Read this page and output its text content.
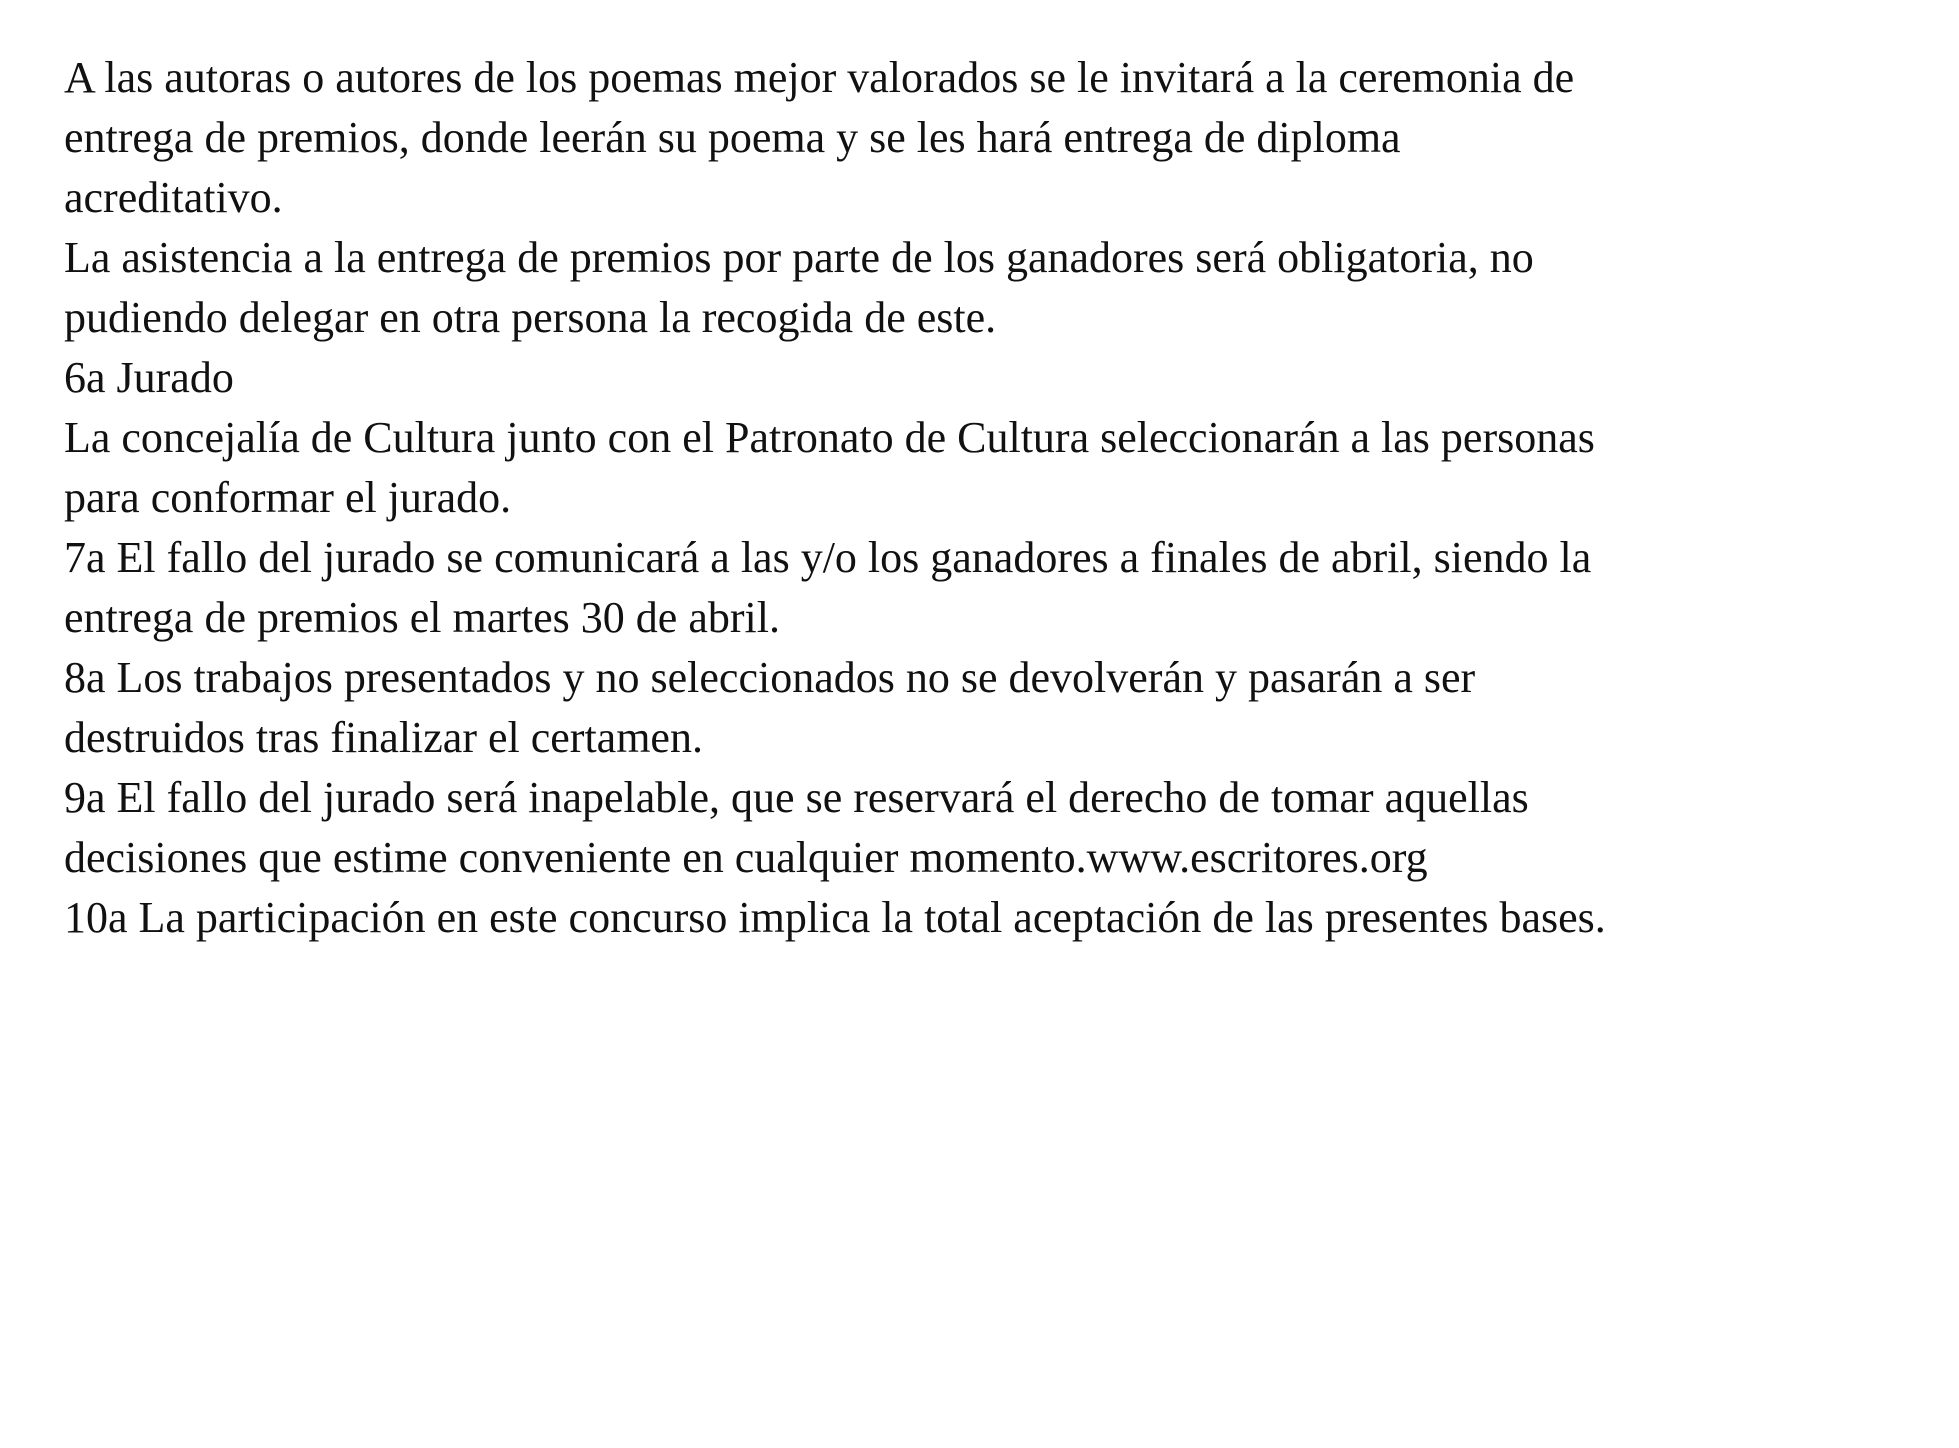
A las autoras o autores de los poemas mejor valorados se le invitará a la ceremonia de
entrega de premios, donde leerán su poema y se les hará entrega de diploma
acreditativo.
La asistencia a la entrega de premios por parte de los ganadores será obligatoria, no
pudiendo delegar en otra persona la recogida de este.
6a Jurado
La concejalía de Cultura junto con el Patronato de Cultura seleccionarán a las personas
para conformar el jurado.
7a El fallo del jurado se comunicará a las y/o los ganadores a finales de abril, siendo la
entrega de premios el martes 30 de abril.
8a Los trabajos presentados y no seleccionados no se devolverán y pasarán a ser
destruidos tras finalizar el certamen.
9a El fallo del jurado será inapelable, que se reservará el derecho de tomar aquellas
decisiones que estime conveniente en cualquier momento.www.escritores.org
10a La participación en este concurso implica la total aceptación de las presentes bases.
